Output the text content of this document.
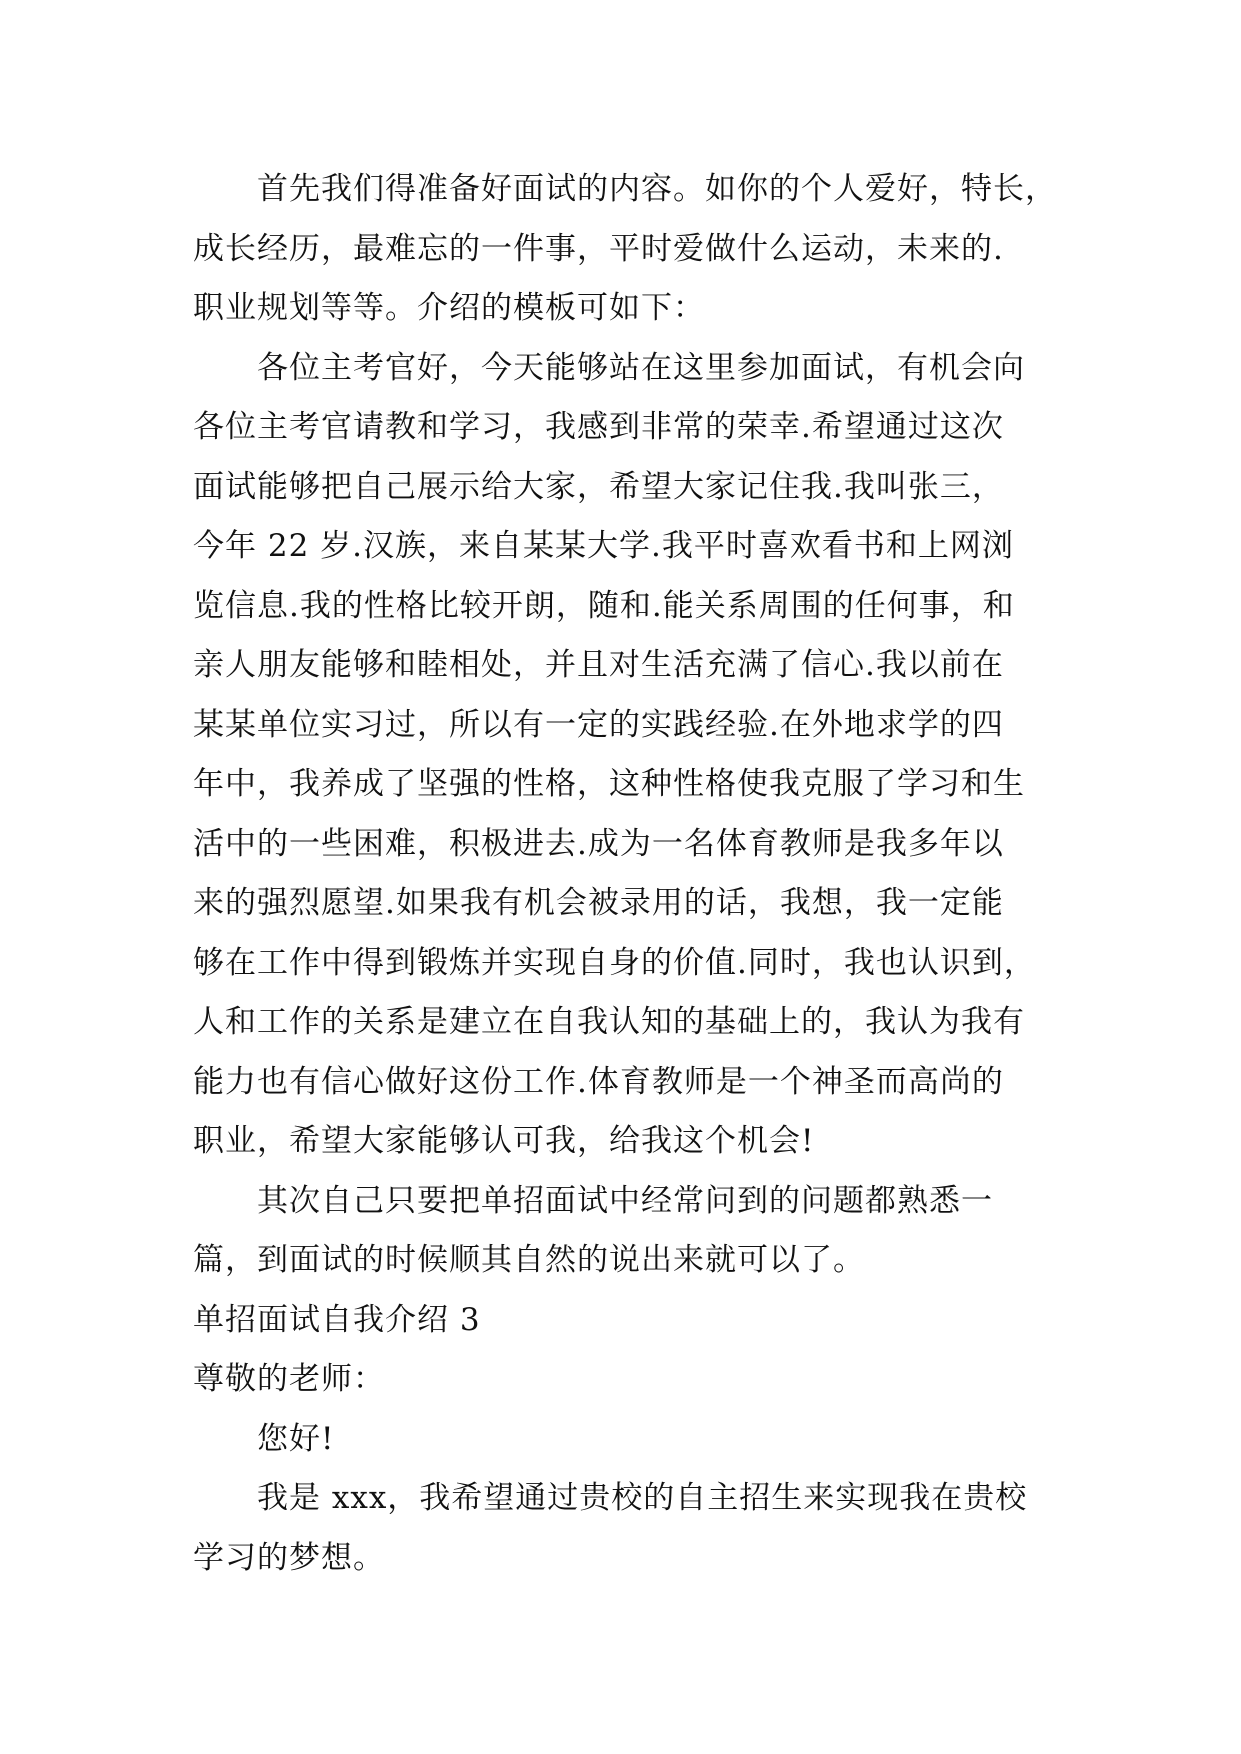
首先我们得准备好面试的内容。如你的个人爱好，特长，
成长经历，最难忘的一件事，平时爱做什么运动，未来的.
职业规划等等。介绍的模板可如下：
各位主考官好，今天能够站在这里参加面试，有机会向
各位主考官请教和学习，我感到非常的荣幸.希望通过这次
面试能够把自己展示给大家，希望大家记住我.我叫张三，
今年 22 岁.汉族，来自某某大学.我平时喜欢看书和上网浏
览信息.我的性格比较开朗，随和.能关系周围的任何事，和
亲人朋友能够和睦相处，并且对生活充满了信心.我以前在
某某单位实习过，所以有一定的实践经验.在外地求学的四
年中，我养成了坚强的性格，这种性格使我克服了学习和生
活中的一些困难，积极进去.成为一名体育教师是我多年以
来的强烈愿望.如果我有机会被录用的话，我想，我一定能
够在工作中得到锻炼并实现自身的价值.同时，我也认识到，
人和工作的关系是建立在自我认知的基础上的，我认为我有
能力也有信心做好这份工作.体育教师是一个神圣而高尚的
职业，希望大家能够认可我，给我这个机会!
其次自己只要把单招面试中经常问到的问题都熟悉一
篇，到面试的时候顺其自然的说出来就可以了。
单招面试自我介绍 3
尊敬的老师：
您好!
我是 xxx，我希望通过贵校的自主招生来实现我在贵校
学习的梦想。
